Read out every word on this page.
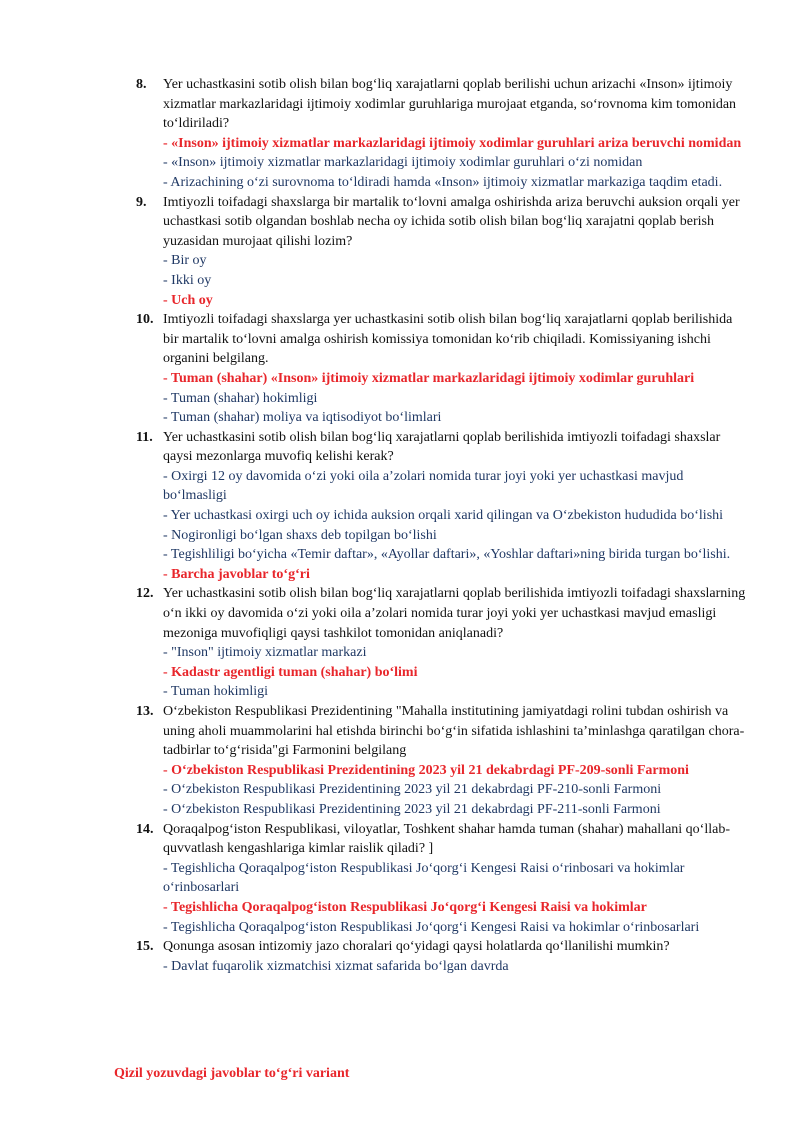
8. Yer uchastkasini sotib olish bilan bog‘liq xarajatlarni qoplab berilishi uchun arizachi «Inson» ijtimoiy xizmatlar markazlaridagi ijtimoiy xodimlar guruhlariga murojaat etganda, so‘rovnoma kim tomonidan to‘ldiriladi?
- «Inson» ijtimoiy xizmatlar markazlaridagi ijtimoiy xodimlar guruhlari ariza beruvchi nomidan
- «Inson» ijtimoiy xizmatlar markazlaridagi ijtimoiy xodimlar guruhlari o‘zi nomidan
- Arizachining o‘zi surovnoma to‘ldiradi hamda «Inson» ijtimoiy xizmatlar markaziga taqdim etadi.
9. Imtiyozli toifadagi shaxslarga bir martalik to‘lovni amalga oshirishda ariza beruvchi auksion orqali yer uchastkasi sotib olgandan boshlab necha oy ichida sotib olish bilan bog‘liq xarajatni qoplab berish yuzasidan murojaat qilishi lozim?
- Bir oy
- Ikki oy
- Uch oy
10. Imtiyozli toifadagi shaxslarga yer uchastkasini sotib olish bilan bog‘liq xarajatlarni qoplab berilishida bir martalik to‘lovni amalga oshirish komissiya tomonidan ko‘rib chiqiladi. Komissiyaning ishchi organini belgilang.
- Tuman (shahar) «Inson» ijtimoiy xizmatlar markazlaridagi ijtimoiy xodimlar guruhlari
- Tuman (shahar) hokimligi
- Tuman (shahar) moliya va iqtisodiyot bo‘limlari
11. Yer uchastkasini sotib olish bilan bog‘liq xarajatlarni qoplab berilishida imtiyozli toifadagi shaxslar qaysi mezonlarga muvofiq kelishi kerak?
- Oxirgi 12 oy davomida o‘zi yoki oila a’zolari nomida turar joyi yoki yer uchastkasi mavjud bo‘lmasligi
- Yer uchastkasi oxirgi uch oy ichida auksion orqali xarid qilingan va O‘zbekiston hududida bo‘lishi
- Nogironligi bo‘lgan shaxs deb topilgan bo‘lishi
- Tegishliligi bo‘yicha «Temir daftar», «Ayollar daftari», «Yoshlar daftari»ning birida turgan bo‘lishi.
- Barcha javoblar to‘g‘ri
12. Yer uchastkasini sotib olish bilan bog‘liq xarajatlarni qoplab berilishida imtiyozli toifadagi shaxslarning o‘n ikki oy davomida o‘zi yoki oila a’zolari nomida turar joyi yoki yer uchastkasi mavjud emasligi mezoniga muvofiqligi qaysi tashkilot tomonidan aniqlanadi?
- "Inson" ijtimoiy xizmatlar markazi
- Kadastr agentligi tuman (shahar) bo‘limi
- Tuman hokimligi
13. O‘zbekiston Respublikasi Prezidentining "Mahalla institutining jamiyatdagi rolini tubdan oshirish va uning aholi muammolarini hal etishda birinchi bo‘g‘in sifatida ishlashini ta’minlashga qaratilgan chora-tadbirlar to‘g‘risida"gi Farmonini belgilang
- O‘zbekiston Respublikasi Prezidentining 2023 yil 21 dekabrdagi PF-209-sonli Farmoni
- O‘zbekiston Respublikasi Prezidentining 2023 yil 21 dekabrdagi PF-210-sonli Farmoni
- O‘zbekiston Respublikasi Prezidentining 2023 yil 21 dekabrdagi PF-211-sonli Farmoni
14. Qoraqalpog‘iston Respublikasi, viloyatlar, Toshkent shahar hamda tuman (shahar) mahallani qo‘llab-quvvatlash kengashlariga kimlar raislik qiladi? ]
- Tegishlicha Qoraqalpog‘iston Respublikasi Jo‘qorg‘i Kengesi Raisi o‘rinbosari va hokimlar o‘rinbosarlari
- Tegishlicha Qoraqalpog‘iston Respublikasi Jo‘qorg‘i Kengesi Raisi va hokimlar
- Tegishlicha Qoraqalpog‘iston Respublikasi Jo‘qorg‘i Kengesi Raisi va hokimlar o‘rinbosarlari
15. Qonunga asosan intizomiy jazo choralari qo‘yidagi qaysi holatlarda qo‘llanilishi mumkin?
- Davlat fuqarolik xizmatchisi xizmat safarida bo‘lgan davrda
Qizil yozuvdagi javoblar to‘g‘ri variant
